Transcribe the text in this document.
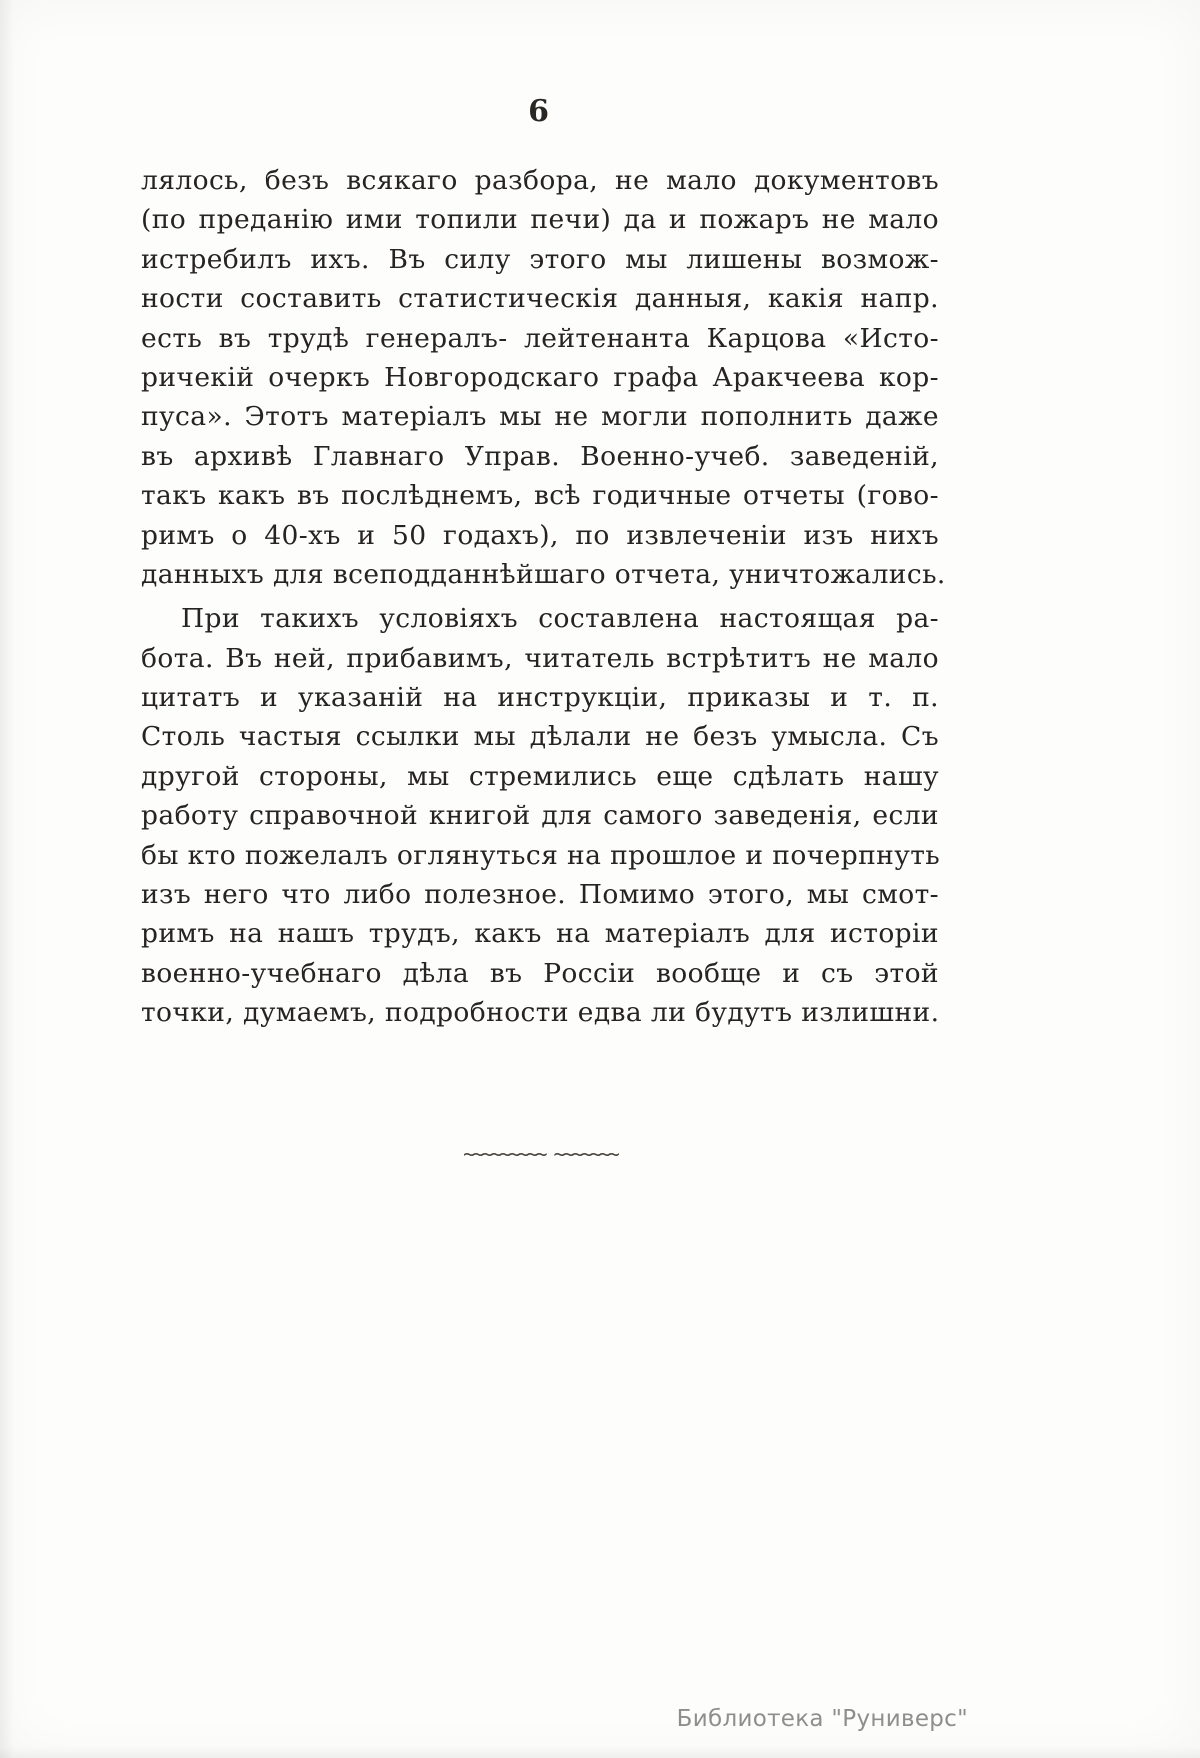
6
лялось, безъ всякаго разбора, не мало документовъ
(по преданію ими топили печи) да и пожаръ не мало
истребилъ ихъ. Въ силу этого мы лишены возмож-
ности составить статистическія данныя, какія напр.
есть въ трудѣ генералъ- лейтенанта Карцова «Исто-
ричекій очеркъ Новгородскаго графа Аракчеева кор-
пуса». Этотъ матеріалъ мы не могли пополнить даже
въ архивѣ Главнаго Управ. Военно-учеб. заведеній,
такъ какъ въ послѣднемъ, всѣ годичные отчеты (гово-
римъ о 40-хъ и 50 годахъ), по извлеченіи изъ нихъ
данныхъ для всеподданнѣйшаго отчета, уничтожались.
При такихъ условіяхъ составлена настоящая ра-
бота. Въ ней, прибавимъ, читатель встрѣтитъ не мало
цитатъ и указаній на инструкціи, приказы и т. п.
Столь частыя ссылки мы дѣлали не безъ умысла. Съ
другой стороны, мы стремились еще сдѣлать нашу
работу справочной книгой для самого заведенія, если
бы кто пожелалъ оглянуться на прошлое и почерпнуть
изъ него что либо полезное. Помимо этого, мы смот-
римъ на нашъ трудъ, какъ на матеріалъ для исторіи
военно-учебнаго дѣла въ Россіи вообще и съ этой
точки, думаемъ, подробности едва ли будутъ излишни.
~~~~~~~~~ ~~~~~~~
Библиотека "Руниверс"
